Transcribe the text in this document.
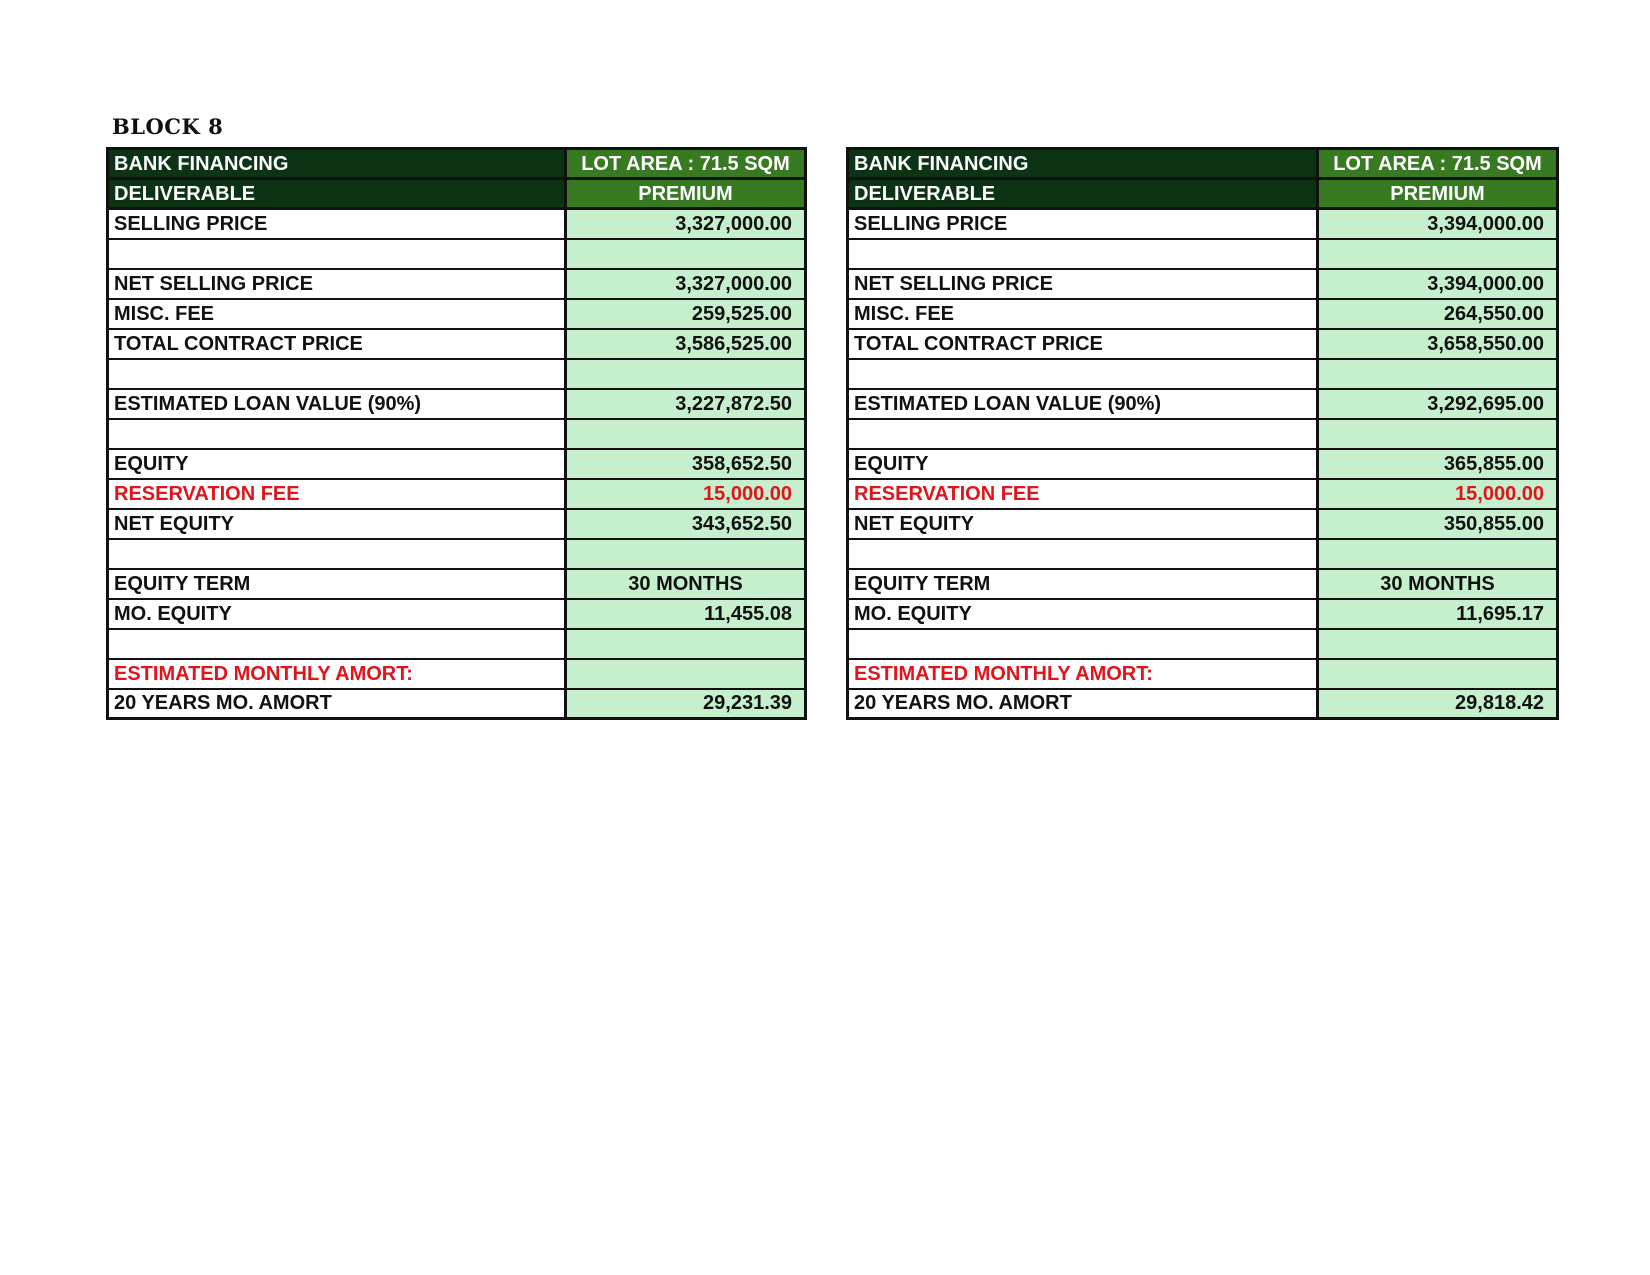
BLOCK 8
BANK FINANCING	LOT AREA : 71.5 SQM
DELIVERABLE	PREMIUM
SELLING PRICE	3,327,000.00

NET SELLING PRICE	3,327,000.00
MISC. FEE	259,525.00
TOTAL CONTRACT PRICE	3,586,525.00

ESTIMATED LOAN VALUE (90%)	3,227,872.50

EQUITY	358,652.50
RESERVATION FEE	15,000.00
NET EQUITY	343,652.50

EQUITY TERM	30 MONTHS
MO. EQUITY	11,455.08

ESTIMATED MONTHLY AMORT:	
20 YEARS MO. AMORT	29,231.39
BANK FINANCING	LOT AREA : 71.5 SQM
DELIVERABLE	PREMIUM
SELLING PRICE	3,394,000.00

NET SELLING PRICE	3,394,000.00
MISC. FEE	264,550.00
TOTAL CONTRACT PRICE	3,658,550.00

ESTIMATED LOAN VALUE (90%)	3,292,695.00

EQUITY	365,855.00
RESERVATION FEE	15,000.00
NET EQUITY	350,855.00

EQUITY TERM	30 MONTHS
MO. EQUITY	11,695.17

ESTIMATED MONTHLY AMORT:	
20 YEARS MO. AMORT	29,818.42
